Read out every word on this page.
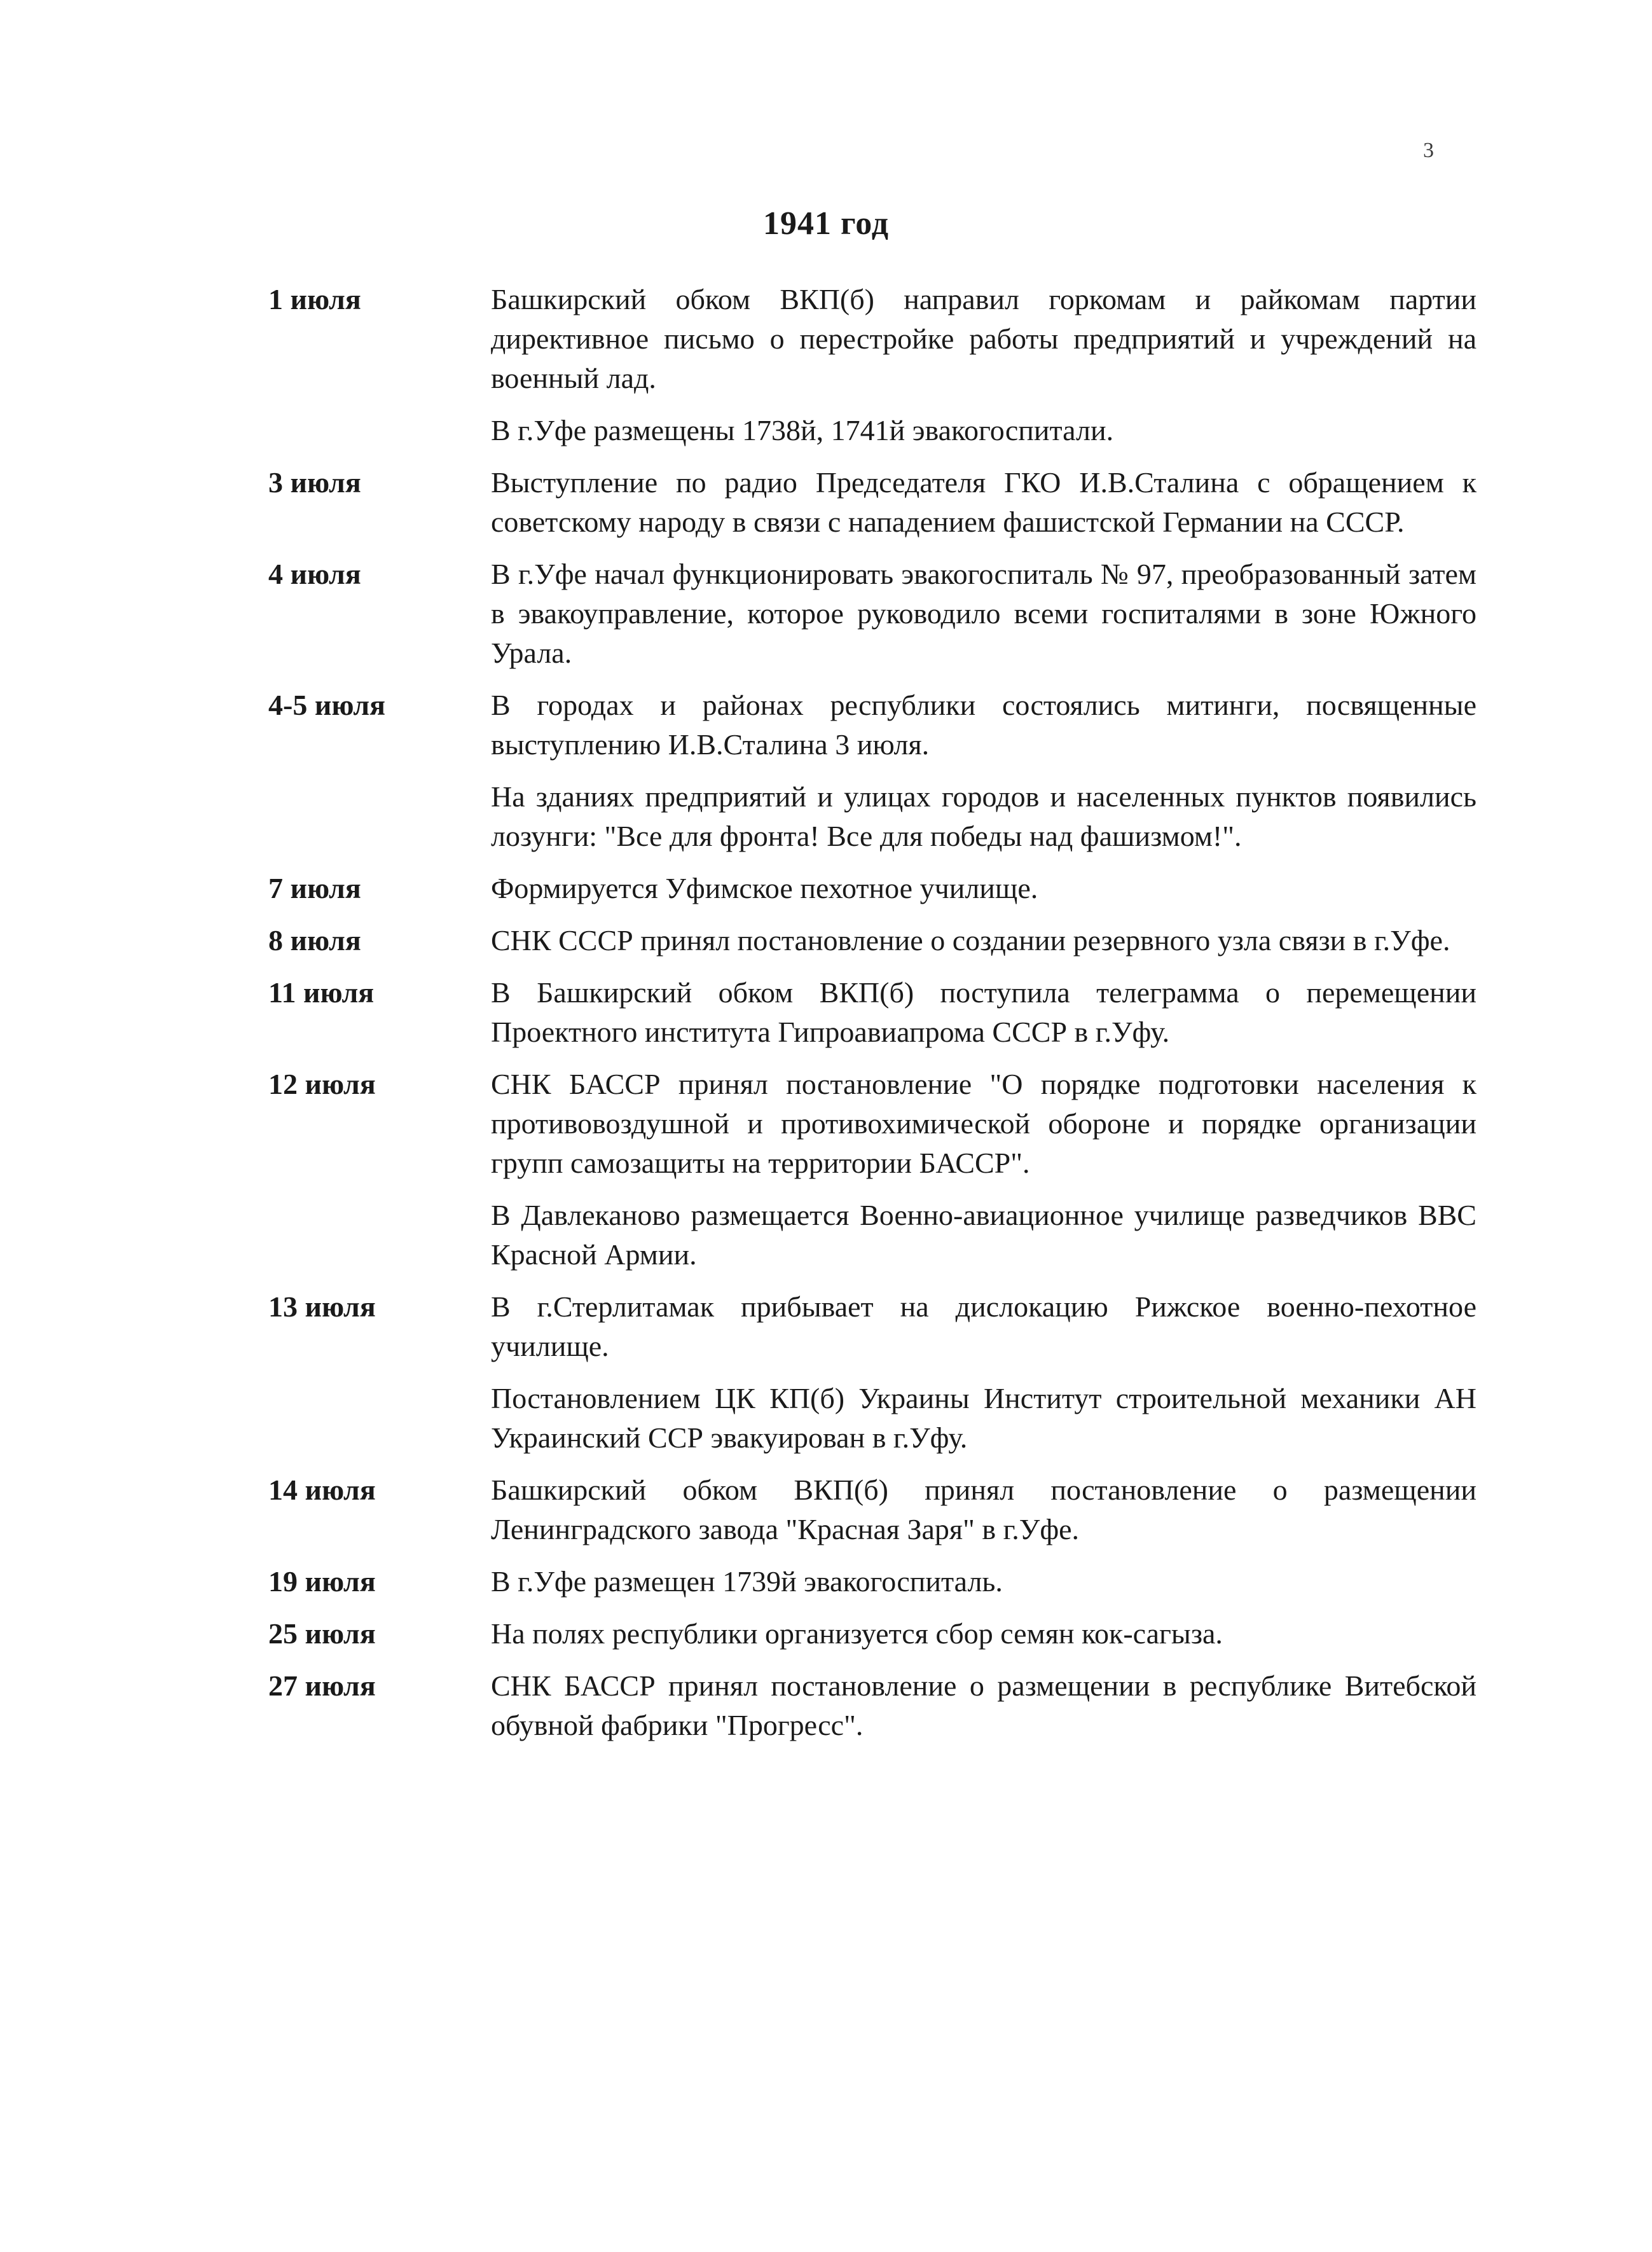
3
1941 год
1 июля	Башкирский обком ВКП(б) направил горкомам и райкомам партии директивное письмо о перестройке работы предприятий и учреждений на военный лад.

В г.Уфе размещены 1738й, 1741й эвакогоспитали.

3 июля	Выступление по радио Председателя ГКО И.В.Сталина с обращением к советскому народу в связи с нападением фашистской Германии на СССР.

4 июля	В г.Уфе начал функционировать эвакогоспиталь № 97, преобразованный затем в эвакоуправление, которое руководило всеми госпиталями в зоне Южного Урала.

4-5 июля	В городах и районах республики состоялись митинги, посвященные выступлению И.В.Сталина 3 июля.

На зданиях предприятий и улицах городов и населенных пунктов появились лозунги: "Все для фронта! Все для победы над фашизмом!".

7 июля	Формируется Уфимское пехотное училище.

8 июля	СНК СССР принял постановление о создании резервного узла связи в г.Уфе.

11 июля	В Башкирский обком ВКП(б) поступила телеграмма о перемещении Проектного института Гипроавиапрома СССР в г.Уфу.

12 июля	СНК БАССР принял постановление "О порядке подготовки населения к противовоздушной и противохимической обороне и порядке организации групп самозащиты на территории БАССР".

В Давлеканово размещается Военно-авиационное училище разведчиков ВВС Красной Армии.

13 июля	В г.Стерлитамак прибывает на дислокацию Рижское военно-пехотное училище.

Постановлением ЦК КП(б) Украины Институт строительной механики АН Украинский ССР эвакуирован в г.Уфу.

14 июля	Башкирский обком ВКП(б) принял постановление о размещении Ленинградского завода "Красная Заря" в г.Уфе.

19 июля	В г.Уфе размещен 1739й эвакогоспиталь.

25 июля	На полях республики организуется сбор семян кок-сагыза.

27 июля	СНК БАССР принял постановление о размещении в республике Витебской обувной фабрики "Прогресс".
